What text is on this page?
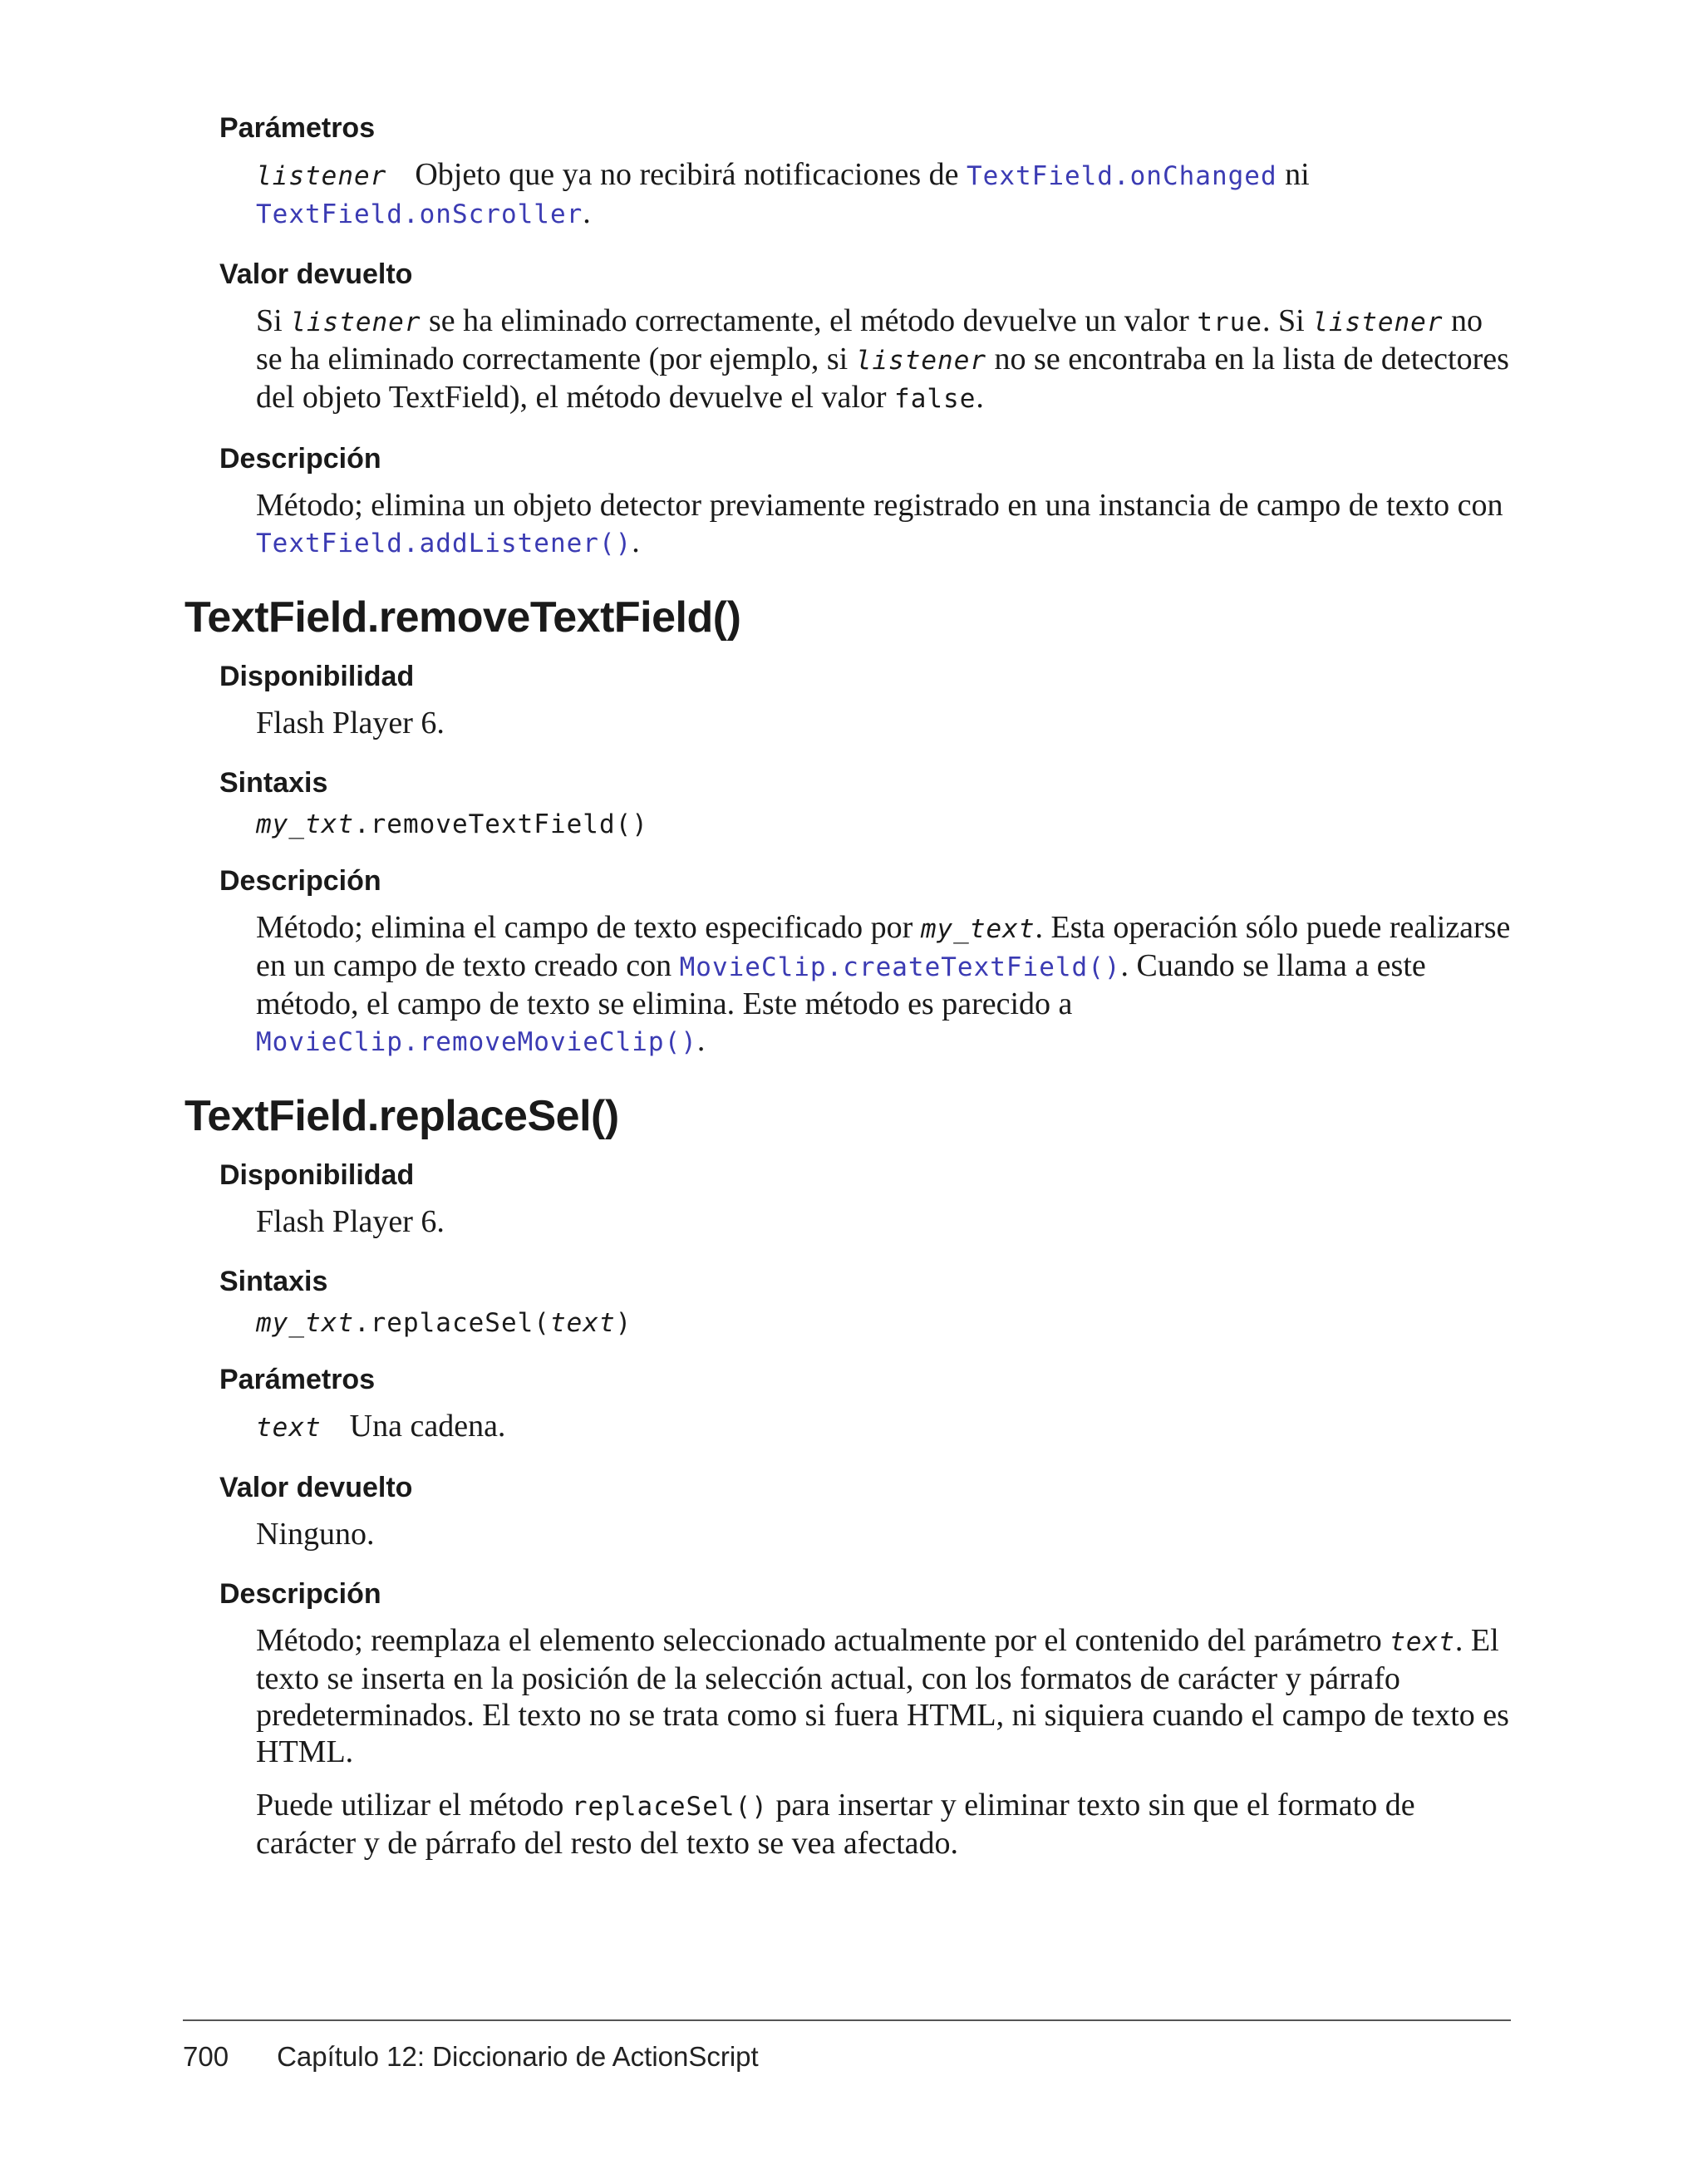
Parámetros
listener Objeto que ya no recibirá notificaciones de TextField.onChanged ni
TextField.onScroller.
Valor devuelto
Si listener se ha eliminado correctamente, el método devuelve un valor true. Si listener no se ha eliminado correctamente (por ejemplo, si listener no se encontraba en la lista de detectores del objeto TextField), el método devuelve el valor false.
Descripción
Método; elimina un objeto detector previamente registrado en una instancia de campo de texto con TextField.addListener().
TextField.removeTextField()
Disponibilidad
Flash Player 6.
Sintaxis
my_txt.removeTextField()
Descripción
Método; elimina el campo de texto especificado por my_text. Esta operación sólo puede realizarse en un campo de texto creado con MovieClip.createTextField(). Cuando se llama a este método, el campo de texto se elimina. Este método es parecido a MovieClip.removeMovieClip().
TextField.replaceSel()
Disponibilidad
Flash Player 6.
Sintaxis
my_txt.replaceSel(text)
Parámetros
text Una cadena.
Valor devuelto
Ninguno.
Descripción
Método; reemplaza el elemento seleccionado actualmente por el contenido del parámetro text. El texto se inserta en la posición de la selección actual, con los formatos de carácter y párrafo predeterminados. El texto no se trata como si fuera HTML, ni siquiera cuando el campo de texto es HTML.
Puede utilizar el método replaceSel() para insertar y eliminar texto sin que el formato de carácter y de párrafo del resto del texto se vea afectado.
700 Capítulo 12: Diccionario de ActionScript
